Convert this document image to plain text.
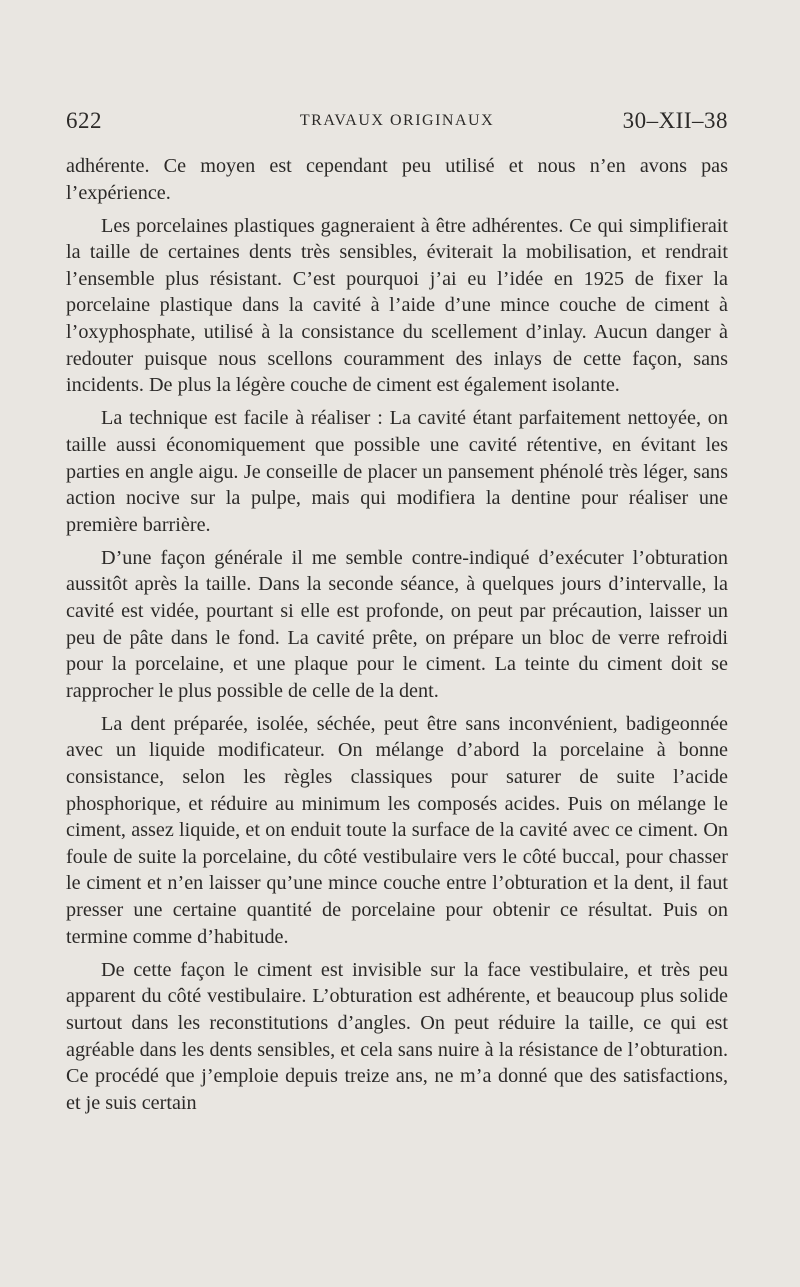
622	TRAVAUX ORIGINAUX	30–XII–38

adhérente. Ce moyen est cependant peu utilisé et nous n’en avons pas l’expérience.

Les porcelaines plastiques gagneraient à être adhérentes. Ce qui simplifierait la taille de certaines dents très sensibles, éviterait la mobilisation, et rendrait l’ensemble plus résistant. C’est pourquoi j’ai eu l’idée en 1925 de fixer la porcelaine plastique dans la cavité à l’aide d’une mince couche de ciment à l’oxyphosphate, utilisé à la consistance du scellement d’inlay. Aucun danger à redouter puisque nous scellons couramment des inlays de cette façon, sans incidents. De plus la légère couche de ciment est également isolante.

La technique est facile à réaliser : La cavité étant parfaitement nettoyée, on taille aussi économiquement que possible une cavité rétentive, en évitant les parties en angle aigu. Je conseille de placer un pansement phénolé très léger, sans action nocive sur la pulpe, mais qui modifiera la dentine pour réaliser une première barrière.

D’une façon générale il me semble contre-indiqué d’exécuter l’obturation aussitôt après la taille. Dans la seconde séance, à quelques jours d’intervalle, la cavité est vidée, pourtant si elle est profonde, on peut par précaution, laisser un peu de pâte dans le fond. La cavité prête, on prépare un bloc de verre refroidi pour la porcelaine, et une plaque pour le ciment. La teinte du ciment doit se rapprocher le plus possible de celle de la dent.

La dent préparée, isolée, séchée, peut être sans inconvénient, badigeonnée avec un liquide modificateur. On mélange d’abord la porcelaine à bonne consistance, selon les règles classiques pour saturer de suite l’acide phosphorique, et réduire au minimum les composés acides. Puis on mélange le ciment, assez liquide, et on enduit toute la surface de la cavité avec ce ciment. On foule de suite la porcelaine, du côté vestibulaire vers le côté buccal, pour chasser le ciment et n’en laisser qu’une mince couche entre l’obturation et la dent, il faut presser une certaine quantité de porcelaine pour obtenir ce résultat. Puis on termine comme d’habitude.

De cette façon le ciment est invisible sur la face vestibulaire, et très peu apparent du côté vestibulaire. L’obturation est adhérente, et beaucoup plus solide surtout dans les reconstitutions d’angles. On peut réduire la taille, ce qui est agréable dans les dents sensibles, et cela sans nuire à la résistance de l’obturation. Ce procédé que j’emploie depuis treize ans, ne m’a donné que des satisfactions, et je suis certain
